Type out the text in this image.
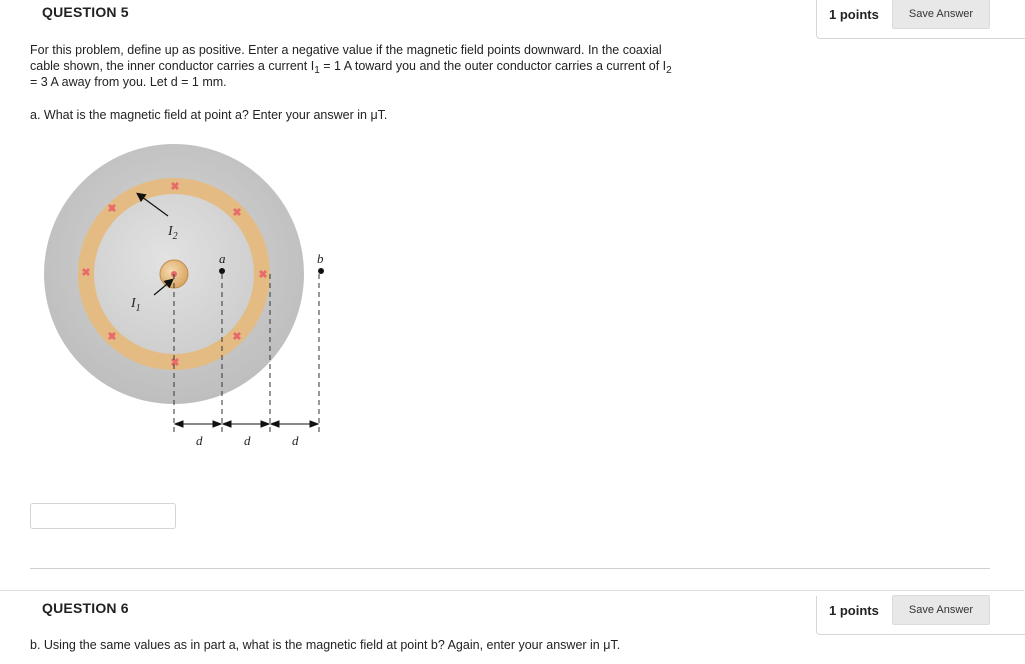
QUESTION 5	1 points	Save Answer
For this problem, define up as positive. Enter a negative value if the magnetic field points downward. In the coaxial
cable shown, the inner conductor carries a current $I_1 = 1$ A toward you and the outer conductor carries a current of $I_2$
= 3 A away from you. Let d = 1 mm.
a. What is the magnetic field at point a? Enter your answer in μT.
✖
✖
✖
✖
✖
✖
✖
✖
$I_2$
$I_1$
a	b
d	d	d
QUESTION 6	1 points	Save Answer
b. Using the same values as in part a, what is the magnetic field at point b? Again, enter your answer in μT.
